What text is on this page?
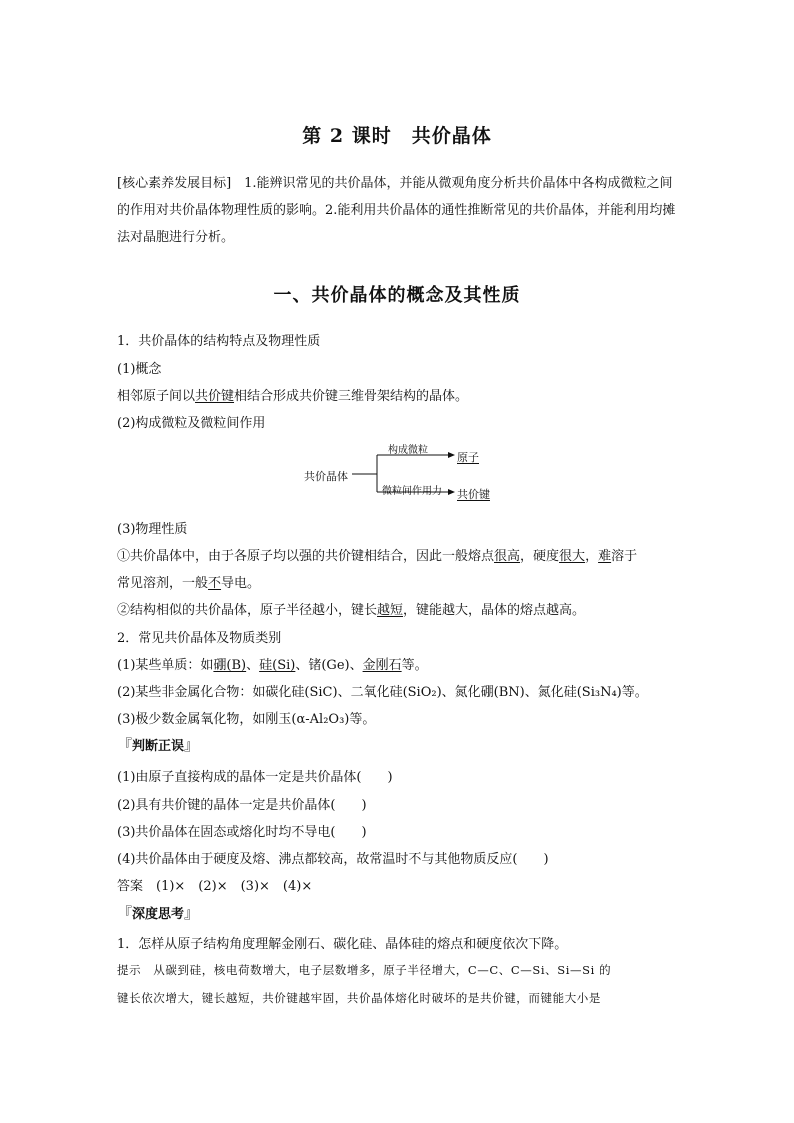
第 2 课时 共价晶体
[核心素养发展目标]　1.能辨识常见的共价晶体，并能从微观角度分析共价晶体中各构成微粒之间的作用对共价晶体物理性质的影响。2.能利用共价晶体的通性推断常见的共价晶体，并能利用均摊法对晶胞进行分析。
一、共价晶体的概念及其性质
1．共价晶体的结构特点及物理性质
(1)概念
相邻原子间以共价键相结合形成共价键三维骨架结构的晶体。
(2)构成微粒及微粒间作用
共价晶体
构成微粒
原子
微粒间作用力 共价键
(3)物理性质
①共价晶体中，由于各原子均以强的共价键相结合，因此一般熔点很高，硬度很大，难溶于
常见溶剂，一般不导电。
②结构相似的共价晶体，原子半径越小，键长越短，键能越大，晶体的熔点越高。
2．常见共价晶体及物质类别
(1)某些单质：如硼(B)、硅(Si)、锗(Ge)、金刚石等。
(2)某些非金属化合物：如碳化硅(SiC)、二氧化硅(SiO₂)、氮化硼(BN)、氮化硅(Si₃N₄)等。
(3)极少数金属氧化物，如刚玉(α-Al₂O₃)等。
『判断正误』
(1)由原子直接构成的晶体一定是共价晶体(　　)
(2)具有共价键的晶体一定是共价晶体(　　)
(3)共价晶体在固态或熔化时均不导电(　　)
(4)共价晶体由于硬度及熔、沸点都较高，故常温时不与其他物质反应(　　)
答案　(1)×　(2)×　(3)×　(4)×
『深度思考』
1．怎样从原子结构角度理解金刚石、碳化硅、晶体硅的熔点和硬度依次下降。
提示　从碳到硅，核电荷数增大，电子层数增多，原子半径增大，C—C、C—Si、Si—Si 的
键长依次增大，键长越短，共价键越牢固，共价晶体熔化时破坏的是共价键，而键能大小是
